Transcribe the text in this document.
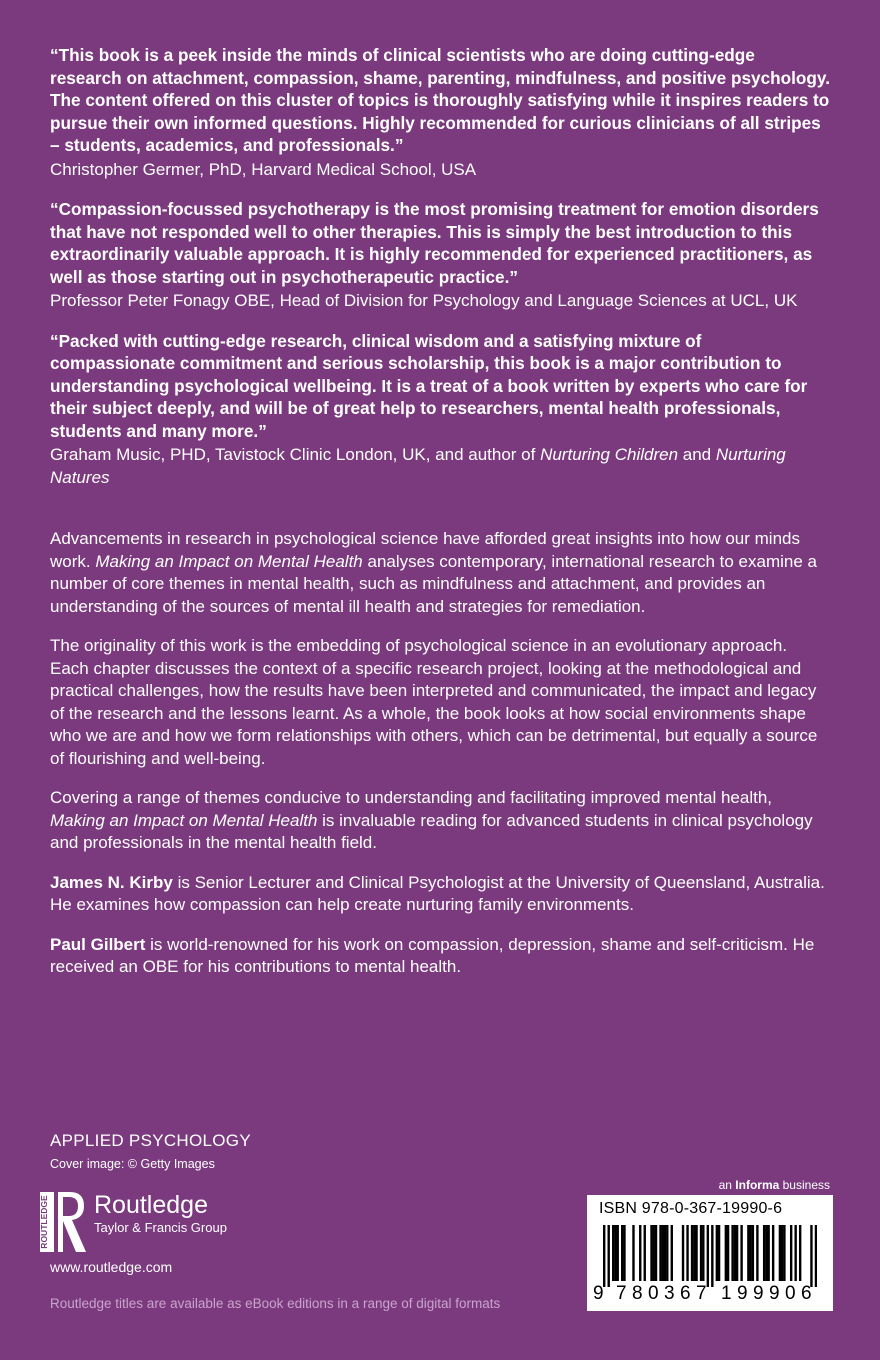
“This book is a peek inside the minds of clinical scientists who are doing cutting-edge research on attachment, compassion, shame, parenting, mindfulness, and positive psychology. The content offered on this cluster of topics is thoroughly satisfying while it inspires readers to pursue their own informed questions. Highly recommended for curious clinicians of all stripes – students, academics, and professionals.”

Christopher Germer, PhD, Harvard Medical School, USA

“Compassion-focussed psychotherapy is the most promising treatment for emotion disorders that have not responded well to other therapies. This is simply the best introduction to this extraordinarily valuable approach. It is highly recommended for experienced practitioners, as well as those starting out in psychotherapeutic practice.”

Professor Peter Fonagy OBE, Head of Division for Psychology and Language Sciences at UCL, UK

“Packed with cutting-edge research, clinical wisdom and a satisfying mixture of compassionate commitment and serious scholarship, this book is a major contribution to understanding psychological wellbeing. It is a treat of a book written by experts who care for their subject deeply, and will be of great help to researchers, mental health professionals, students and many more.”

Graham Music, PHD, Tavistock Clinic London, UK, and author of Nurturing Children and Nurturing Natures

Advancements in research in psychological science have afforded great insights into how our minds work. Making an Impact on Mental Health analyses contemporary, international research to examine a number of core themes in mental health, such as mindfulness and attachment, and provides an understanding of the sources of mental ill health and strategies for remediation.

The originality of this work is the embedding of psychological science in an evolutionary approach. Each chapter discusses the context of a specific research project, looking at the methodological and practical challenges, how the results have been interpreted and communicated, the impact and legacy of the research and the lessons learnt. As a whole, the book looks at how social environments shape who we are and how we form relationships with others, which can be detrimental, but equally a source of flourishing and well-being.

Covering a range of themes conducive to understanding and facilitating improved mental health, Making an Impact on Mental Health is invaluable reading for advanced students in clinical psychology and professionals in the mental health field.

James N. Kirby is Senior Lecturer and Clinical Psychologist at the University of Queensland, Australia. He examines how compassion can help create nurturing family environments.

Paul Gilbert is world-renowned for his work on compassion, depression, shame and self-criticism. He received an OBE for his contributions to mental health.

APPLIED PSYCHOLOGY
Cover image: © Getty Images
ROUTLEDGE Routledge
Taylor & Francis Group
www.routledge.com
Routledge titles are available as eBook editions in a range of digital formats
an Informa business
ISBN 978-0-367-19990-6
9 7 8 0 3 6 7 1 9 9 9 0 6
